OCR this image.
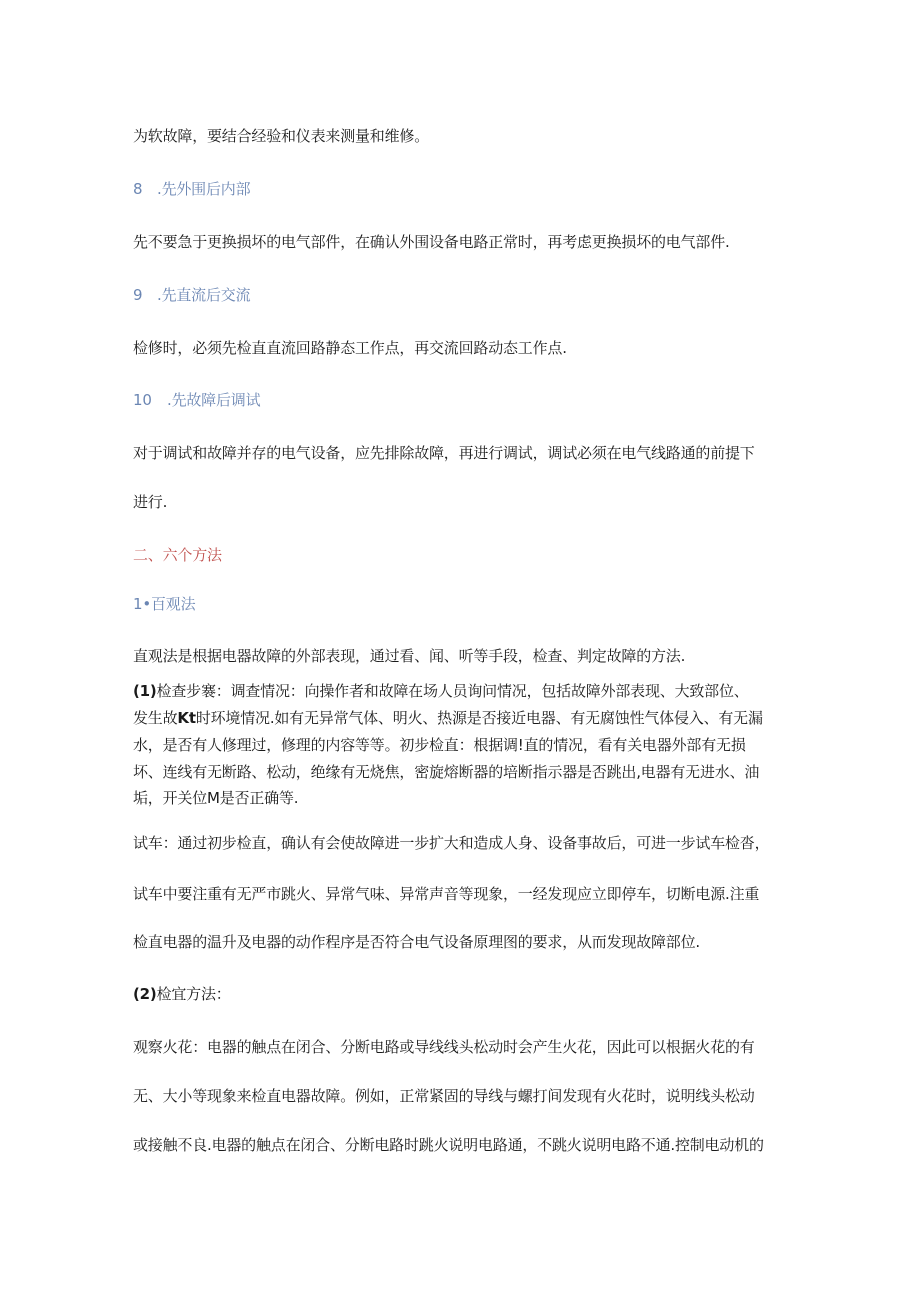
为软故障，要结合经验和仪表来测量和维修。
8 .先外围后内部
先不要急于更换损坏的电气部件，在确认外围设备电路正常时，再考虑更换损坏的电气部件.
9 .先直流后交流
检修时，必须先检直直流回路静态工作点，再交流回路动态工作点.
10 .先故障后调试
对于调试和故障并存的电气设备，应先排除故障，再进行调试，调试必须在电气线路通的前提下
进行.
二、六个方法
1•百观法
直观法是根据电器故障的外部表现，通过看、闻、听等手段，检查、判定故障的方法.
(1)检查步褰：调查情况：向操作者和故障在场人员询问情况，包括故障外部表现、大致部位、
发生故Kt时环境情况.如有无异常气体、明火、热源是否接近电器、有无腐蚀性气体侵入、有无漏
水，是否有人修理过，修理的内容等等。初步检直：根据调!直的情况，看有关电器外部有无损
坏、连线有无断路、松动，绝缘有无烧焦，密旋熔断器的培断指示器是否跳出,电器有无进水、油
垢，开关位M是否正确等.
试车：通过初步检直，确认有会使故障进一步扩大和造成人身、设备事故后，可进一步试车检沓，
试车中要注重有无严市跳火、异常气味、异常声音等现象，一经发现应立即停车，切断电源.注重
检直电器的温升及电器的动作程序是否符合电气设备原理图的要求，从而发现故障部位.
(2)检宜方法：
观察火花：电器的触点在闭合、分断电路或导线线头松动时会产生火花，因此可以根据火花的有
无、大小等现象来检直电器故障。例如，正常紧固的导线与螺打间发现有火花时，说明线头松动
或接触不良.电器的触点在闭合、分断电路时跳火说明电路通，不跳火说明电路不通.控制电动机的
